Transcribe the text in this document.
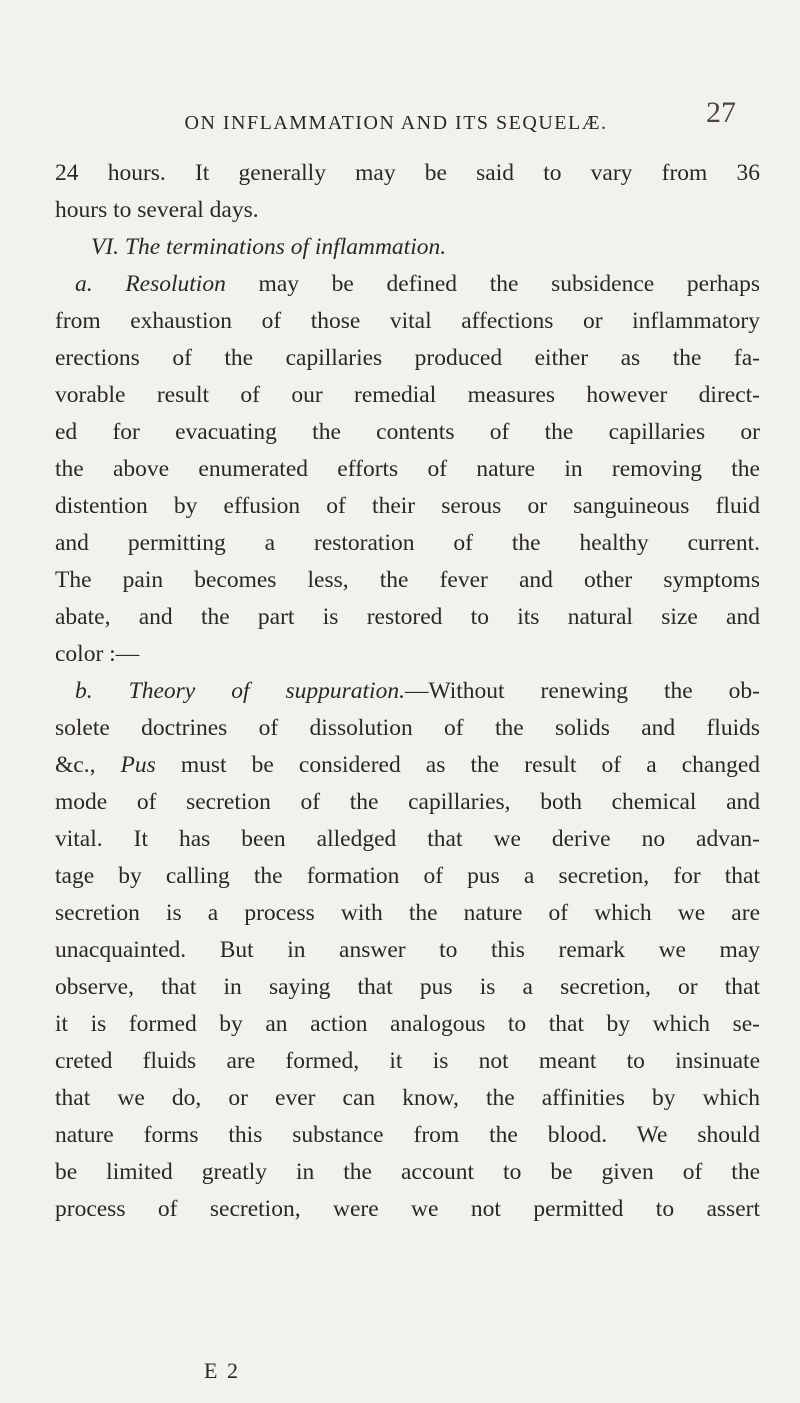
ON INFLAMMATION AND ITS SEQUELÆ.	27
24 hours. It generally may be said to vary from 36
hours to several days.
VI. The terminations of inflammation.
a. Resolution may be defined the subsidence perhaps
from exhaustion of those vital affections or inflammatory
erections of the capillaries produced either as the fa-
vorable result of our remedial measures however direct-
ed for evacuating the contents of the capillaries or
the above enumerated efforts of nature in removing the
distention by effusion of their serous or sanguineous fluid
and permitting a restoration of the healthy current.
The pain becomes less, the fever and other symptoms
abate, and the part is restored to its natural size and
color :—
b. Theory of suppuration.—Without renewing the ob-
solete doctrines of dissolution of the solids and fluids
&c., Pus must be considered as the result of a changed
mode of secretion of the capillaries, both chemical and
vital. It has been alledged that we derive no advan-
tage by calling the formation of pus a secretion, for that
secretion is a process with the nature of which we are
unacquainted. But in answer to this remark we may
observe, that in saying that pus is a secretion, or that
it is formed by an action analogous to that by which se-
creted fluids are formed, it is not meant to insinuate
that we do, or ever can know, the affinities by which
nature forms this substance from the blood. We should
be limited greatly in the account to be given of the
process of secretion, were we not permitted to assert
E 2
